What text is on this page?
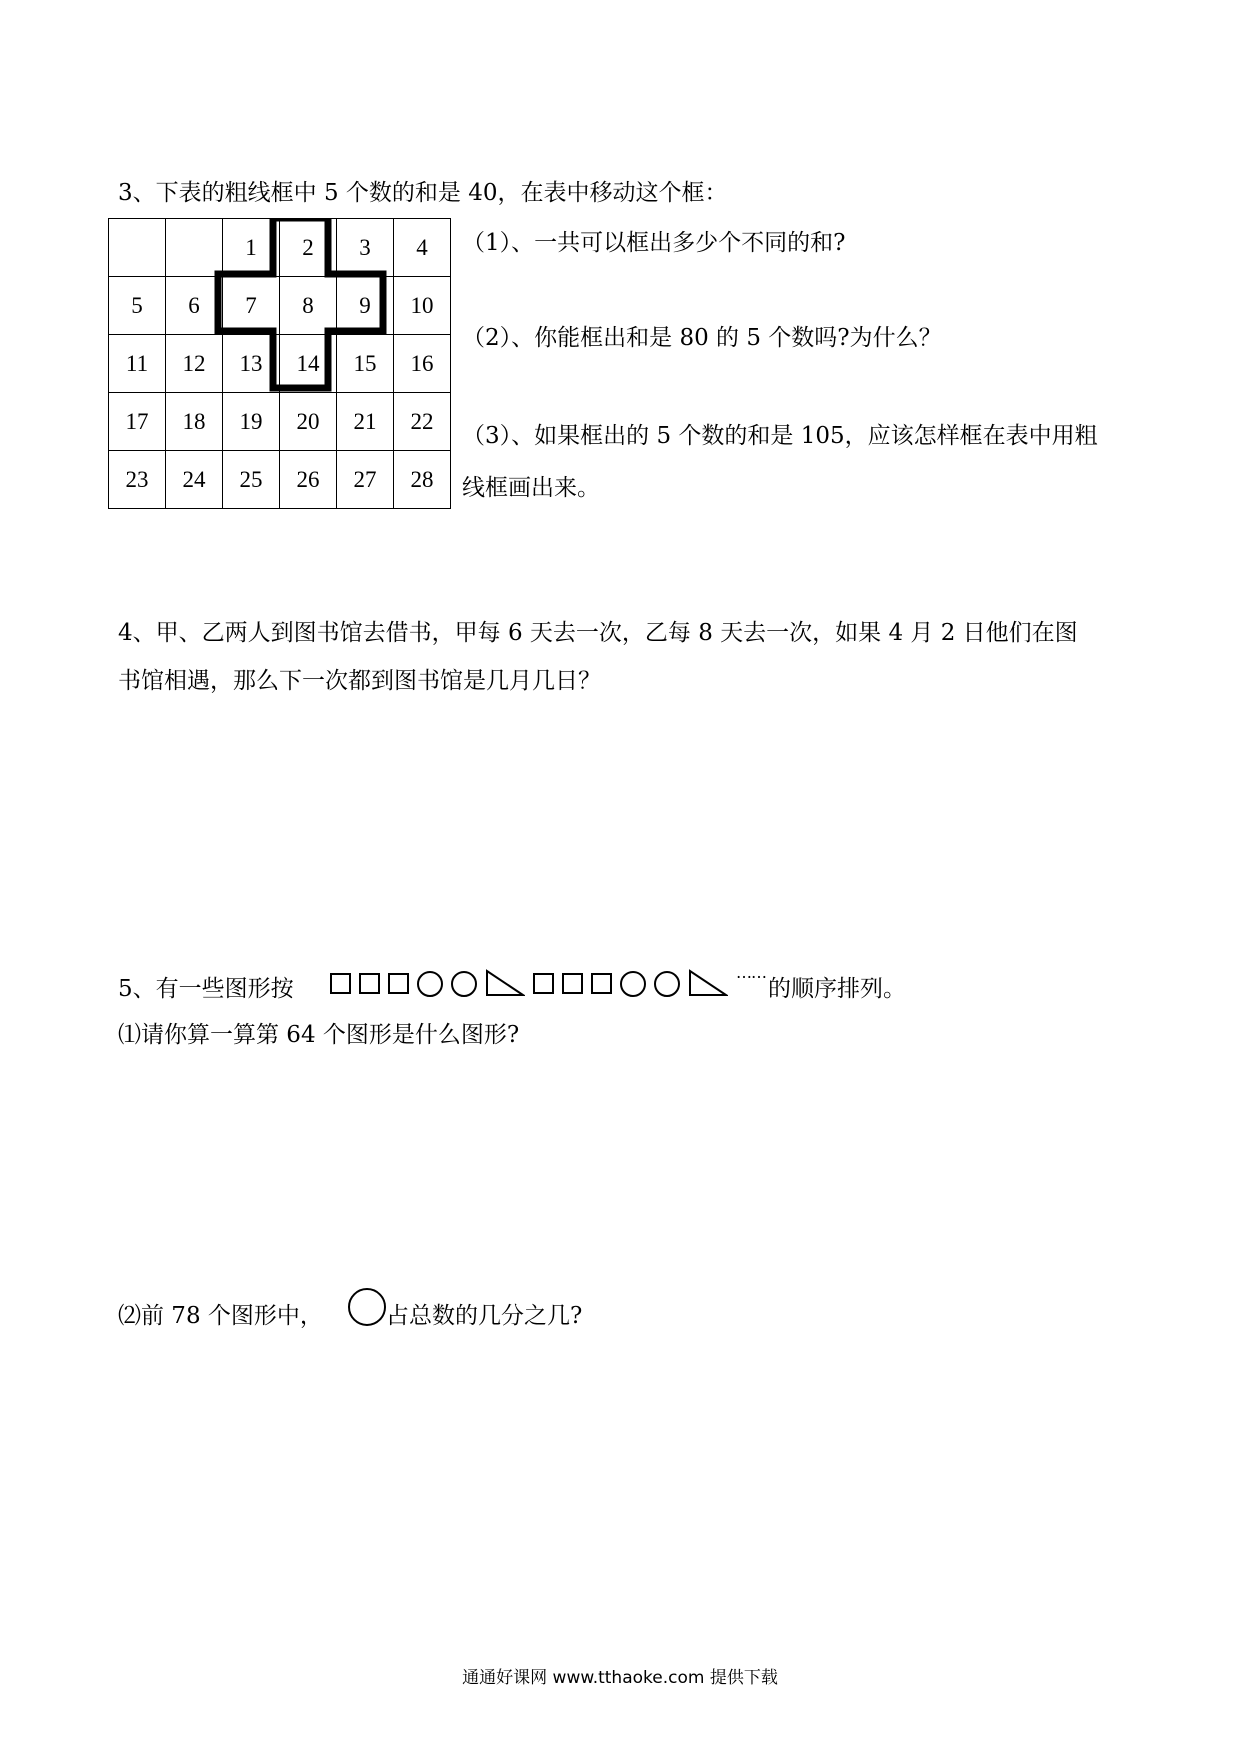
3、下表的粗线框中 5 个数的和是 40，在表中移动这个框：
		1	2	3	4
5	6	7	8	9	10
11	12	13	14	15	16
17	18	19	20	21	22
23	24	25	26	27	28
（1）、一共可以框出多少个不同的和?
（2）、你能框出和是 80 的 5 个数吗?为什么？
（3）、如果框出的 5 个数的和是 105，应该怎样框在表中用粗
线框画出来。
4、甲、乙两人到图书馆去借书，甲每 6 天去一次，乙每 8 天去一次，如果 4 月 2 日他们在图
书馆相遇，那么下一次都到图书馆是几月几日？
5、有一些图形按
……
的顺序排列。
⑴请你算一算第 64 个图形是什么图形?
⑵前 78 个图形中，	占总数的几分之几?
通通好课网 www.tthaoke.com 提供下载
